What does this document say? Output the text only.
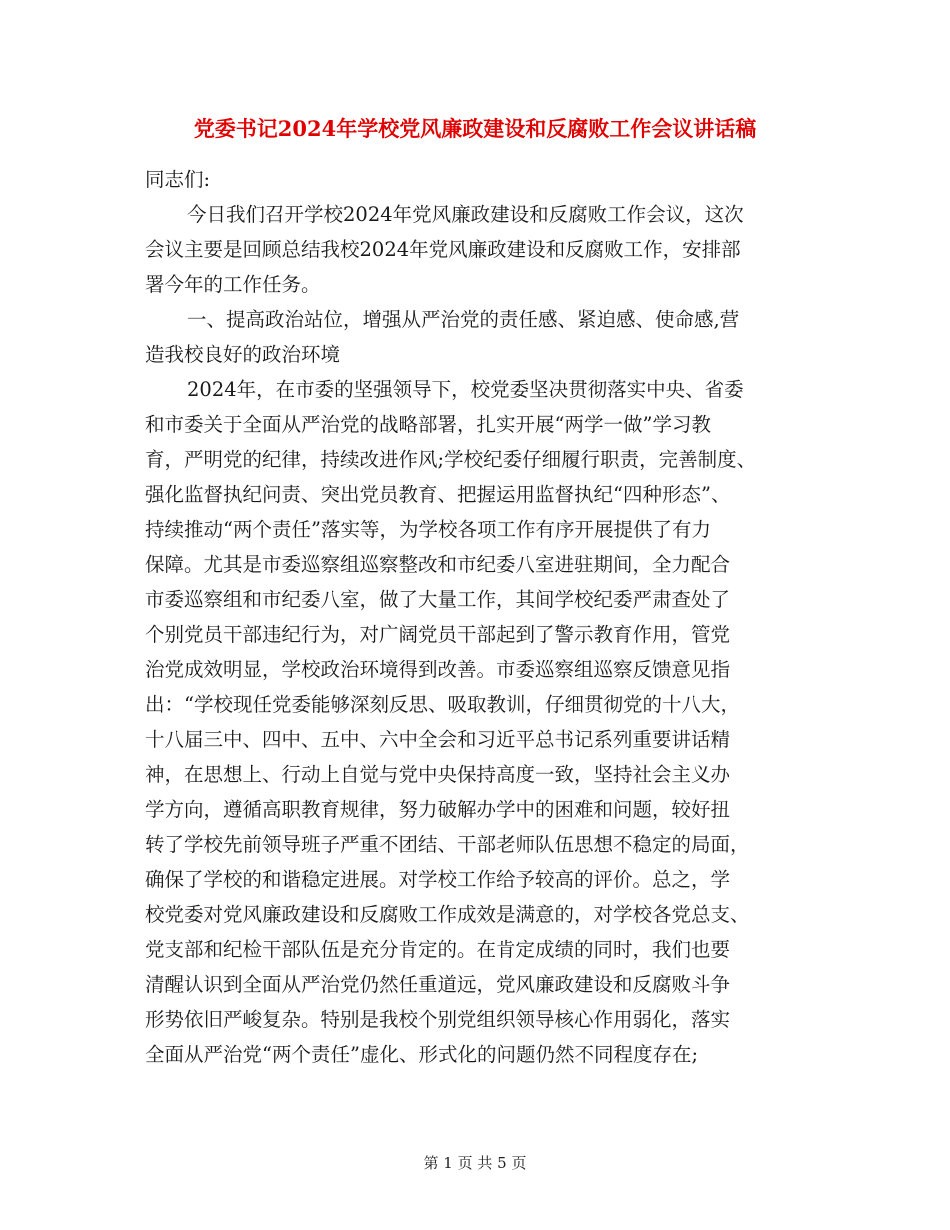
党委书记2024年学校党风廉政建设和反腐败工作会议讲话稿
同志们:
今日我们召开学校2024年党风廉政建设和反腐败工作会议，这次
会议主要是回顾总结我校2024年党风廉政建设和反腐败工作，安排部
署今年的工作任务。
一、提高政治站位，增强从严治党的责任感、紧迫感、使命感,营
造我校良好的政治环境
2024年，在市委的坚强领导下，校党委坚决贯彻落实中央、省委
和市委关于全面从严治党的战略部署，扎实开展“两学一做”学习教
育，严明党的纪律，持续改进作风;学校纪委仔细履行职责，完善制度、
强化监督执纪问责、突出党员教育、把握运用监督执纪“四种形态”、
持续推动“两个责任”落实等，为学校各项工作有序开展提供了有力
保障。尤其是市委巡察组巡察整改和市纪委八室进驻期间，全力配合
市委巡察组和市纪委八室，做了大量工作，其间学校纪委严肃查处了
个别党员干部违纪行为，对广阔党员干部起到了警示教育作用，管党
治党成效明显，学校政治环境得到改善。市委巡察组巡察反馈意见指
出：“学校现任党委能够深刻反思、吸取教训，仔细贯彻党的十八大，
十八届三中、四中、五中、六中全会和习近平总书记系列重要讲话精
神，在思想上、行动上自觉与党中央保持高度一致，坚持社会主义办
学方向，遵循高职教育规律，努力破解办学中的困难和问题，较好扭
转了学校先前领导班子严重不团结、干部老师队伍思想不稳定的局面，
确保了学校的和谐稳定进展。对学校工作给予较高的评价。总之，学
校党委对党风廉政建设和反腐败工作成效是满意的，对学校各党总支、
党支部和纪检干部队伍是充分肯定的。在肯定成绩的同时，我们也要
清醒认识到全面从严治党仍然任重道远，党风廉政建设和反腐败斗争
形势依旧严峻复杂。特别是我校个别党组织领导核心作用弱化，落实
全面从严治党“两个责任”虚化、形式化的问题仍然不同程度存在;
第 1 页 共 5 页
